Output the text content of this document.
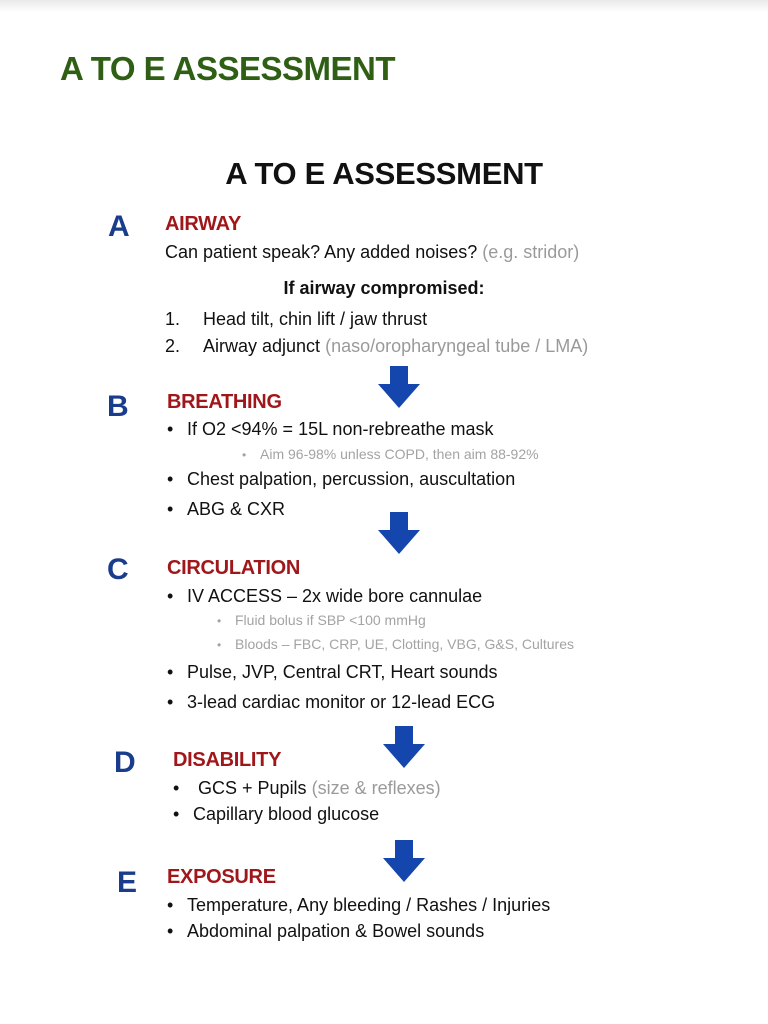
A TO E ASSESSMENT
A TO E ASSESSMENT
A AIRWAY
Can patient speak? Any added noises? (e.g. stridor)
If airway compromised:
1. Head tilt, chin lift / jaw thrust
2. Airway adjunct (naso/oropharyngeal tube / LMA)
B BREATHING
• If O2 <94% = 15L non-rebreathe mask
• Aim 96-98% unless COPD, then aim 88-92%
• Chest palpation, percussion, auscultation
• ABG & CXR
C CIRCULATION
• IV ACCESS – 2x wide bore cannulae
• Fluid bolus if SBP <100 mmHg
• Bloods – FBC, CRP, UE, Clotting, VBG, G&S, Cultures
• Pulse, JVP, Central CRT, Heart sounds
• 3-lead cardiac monitor or 12-lead ECG
D DISABILITY
• GCS + Pupils (size & reflexes)
• Capillary blood glucose
E EXPOSURE
• Temperature, Any bleeding / Rashes / Injuries
• Abdominal palpation & Bowel sounds
